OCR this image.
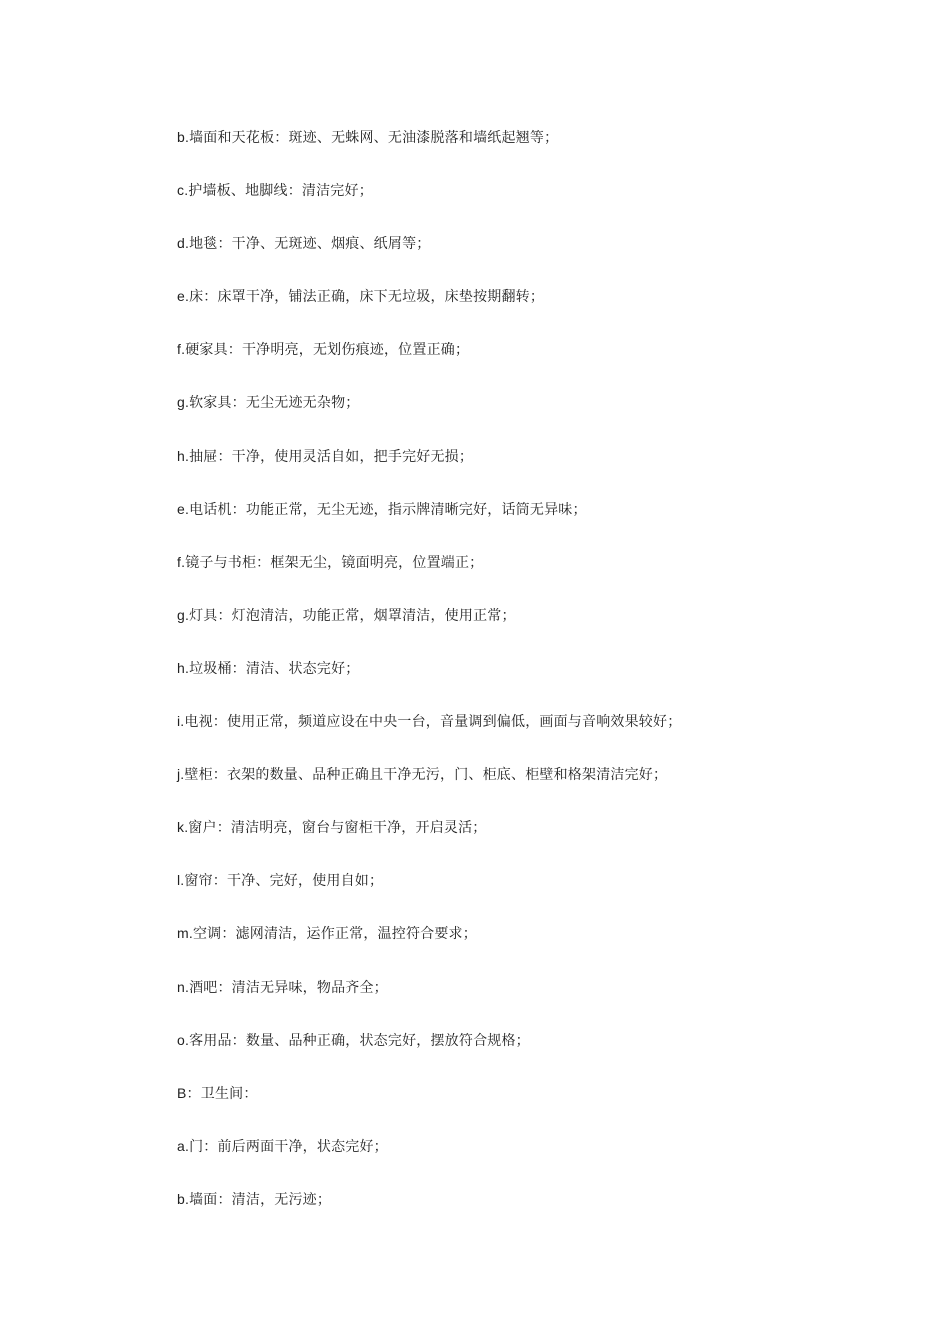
b.墙面和天花板：斑迹、无蛛网、无油漆脱落和墙纸起翘等；
c.护墙板、地脚线：清洁完好；
d.地毯：干净、无斑迹、烟痕、纸屑等；
e.床：床罩干净，铺法正确，床下无垃圾，床垫按期翻转；
f.硬家具：干净明亮，无划伤痕迹，位置正确；
g.软家具：无尘无迹无杂物；
h.抽屉：干净，使用灵活自如，把手完好无损；
e.电话机：功能正常，无尘无迹，指示牌清晰完好，话筒无异味；
f.镜子与书柜：框架无尘，镜面明亮，位置端正；
g.灯具：灯泡清洁，功能正常，烟罩清洁，使用正常；
h.垃圾桶：清洁、状态完好；
i.电视：使用正常，频道应设在中央一台，音量调到偏低，画面与音响效果较好；
j.壁柜：衣架的数量、品种正确且干净无污，门、柜底、柜壁和格架清洁完好；
k.窗户：清洁明亮，窗台与窗柜干净，开启灵活；
l.窗帘：干净、完好，使用自如；
m.空调：滤网清洁，运作正常，温控符合要求；
n.酒吧：清洁无异味，物品齐全；
o.客用品：数量、品种正确，状态完好，摆放符合规格；
B：卫生间：
a.门：前后两面干净，状态完好；
b.墙面：清洁，无污迹；
